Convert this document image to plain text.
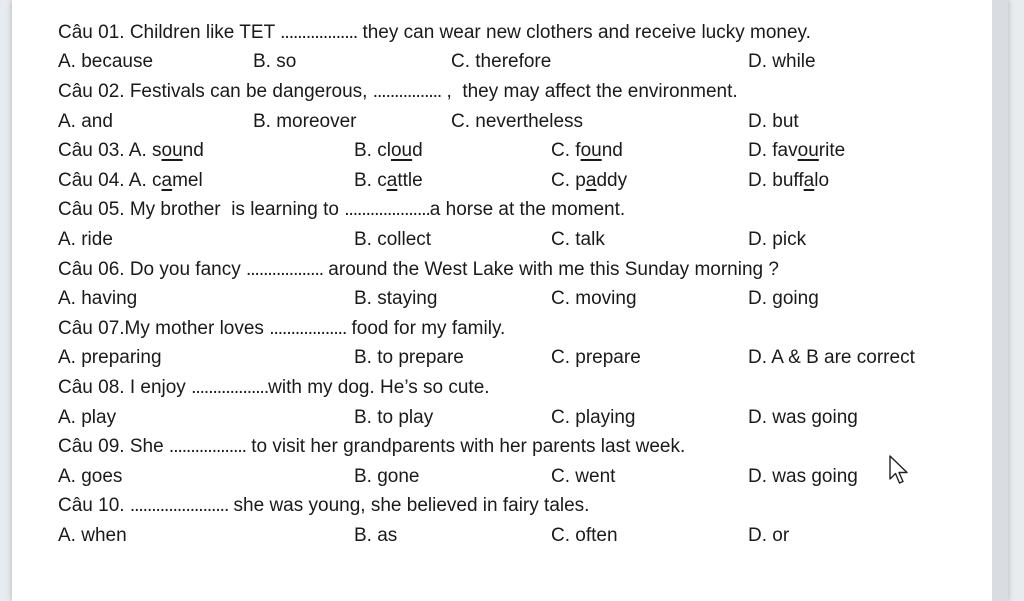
Câu 01. Children like TET .................. they can wear new clothers and receive lucky money.
A. because	B. so	C. therefore	D. while
Câu 02. Festivals can be dangerous, ................ ,  they may affect the environment.
A. and	B. moreover	C. nevertheless	D. but
Câu 03. A. s ou nd	B. cloud	C. found	D. favourite
Câu 04. A. c a mel	B. cattle	C. paddy	D. buffalo
Câu 05. My brother  is learning to .................... a horse at the moment.
A. ride	B. collect	C. talk	D. pick
Câu 06. Do you fancy .................. around the West Lake with me this Sunday morning ?
A. having	B. staying	C. moving	D. going
Câu 07.My mother loves .................. food for my family.
A. preparing	B. to prepare	C. prepare	D. A & B are correct
Câu 08. I enjoy .................. with my dog. He’s so cute.
A. play	B. to play	C. playing	D. was going
Câu 09. She .................. to visit her grandparents with her parents last week.
A. goes	B. gone	C. went	D. was going
Câu 10. ....................... she was young, she believed in fairy tales.
A. when	B. as	C. often	D. or
